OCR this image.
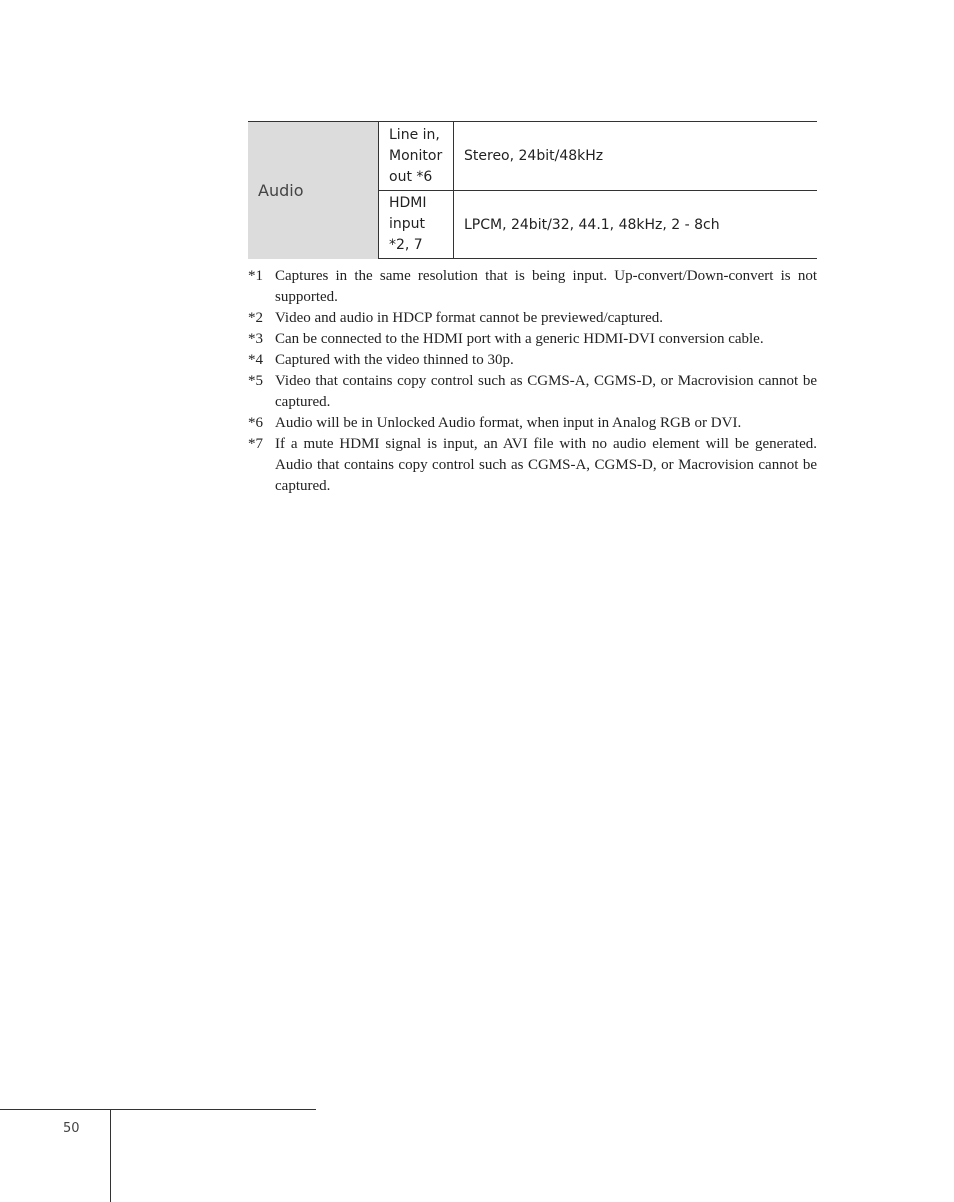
Audio	Line in,
Monitor
out *6	Stereo, 24bit/48kHz

	HDMI
input
*2, 7	LPCM, 24bit/32, 44.1, 48kHz, 2 - 8ch
*1 Captures in the same resolution that is being input. Up-convert/Down-convert is not supported.
*2 Video and audio in HDCP format cannot be previewed/captured.
*3 Can be connected to the HDMI port with a generic HDMI-DVI conversion cable.
*4 Captured with the video thinned to 30p.
*5 Video that contains copy control such as CGMS-A, CGMS-D, or Macrovision cannot be captured.
*6 Audio will be in Unlocked Audio format, when input in Analog RGB or DVI.
*7 If a mute HDMI signal is input, an AVI file with no audio element will be generated. Audio that contains copy control such as CGMS-A, CGMS-D, or Macrovision cannot be captured.
50
